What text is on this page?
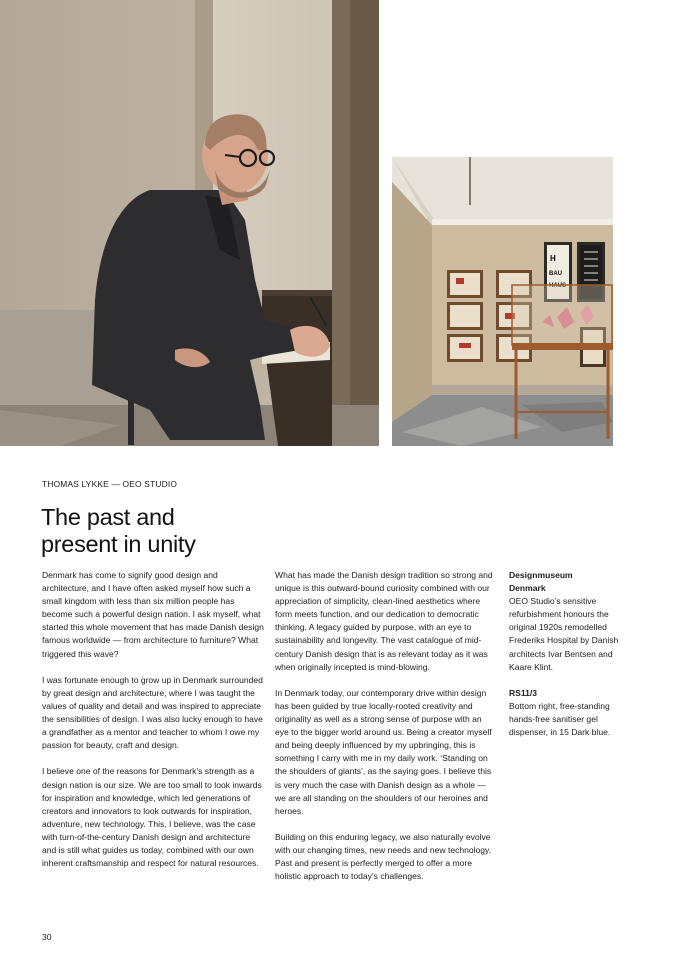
H
BAU
HAUS
THOMAS LYKKE — OEO STUDIO
The past and
present in unity

Denmark has come to signify good design and architecture, and I have often asked myself how such a small kingdom with less than six million people has become such a powerful design nation. I ask myself, what started this whole movement that has made Danish design famous worldwide — from architecture to furniture? What triggered this wave?

I was fortunate enough to grow up in Denmark surrounded by great design and architecture, where I was taught the values of quality and detail and was inspired to appreciate the sensibilities of design. I was also lucky enough to have a grandfather as a mentor and teacher to whom I owe my passion for beauty, craft and design.

I believe one of the reasons for Denmark’s strength as a design nation is our size. We are too small to look inwards for inspiration and knowledge, which led generations of creators and innovators to look outwards for inspiration, adventure, new technology. This, I believe, was the case with turn-of-the-century Danish design and architecture and is still what guides us today, combined with our own inherent craftsmanship and respect for natural resources.

What has made the Danish design tradition so strong and unique is this outward-bound curiosity combined with our appreciation of simplicity, clean-lined aesthetics where form meets function, and our dedication to democratic thinking. A legacy guided by purpose, with an eye to sustainability and longevity. The vast catalogue of mid-century Danish design that is as relevant today as it was when originally incepted is mind-blowing.

In Denmark today, our contemporary drive within design has been guided by true locally-rooted creativity and originality as well as a strong sense of purpose with an eye to the bigger world around us. Being a creator myself and being deeply influenced by my upbringing, this is something I carry with me in my daily work. ‘Standing on the shoulders of giants’, as the saying goes. I believe this is very much the case with Danish design as a whole — we are all standing on the shoulders of our heroines and heroes.

Building on this enduring legacy, we also naturally evolve with our changing times, new needs and new technology. Past and present is perfectly merged to offer a more holistic approach to today’s challenges.

Designmuseum
Denmark
OEO Studio’s sensitive refurbishment honours the original 1920s remodelled Frederiks Hospital by Danish architects Ivar Bentsen and Kaare Klint.

RS11/3
Bottom right, free-standing hands-free sanitiser gel dispenser, in 15 Dark blue.

30
